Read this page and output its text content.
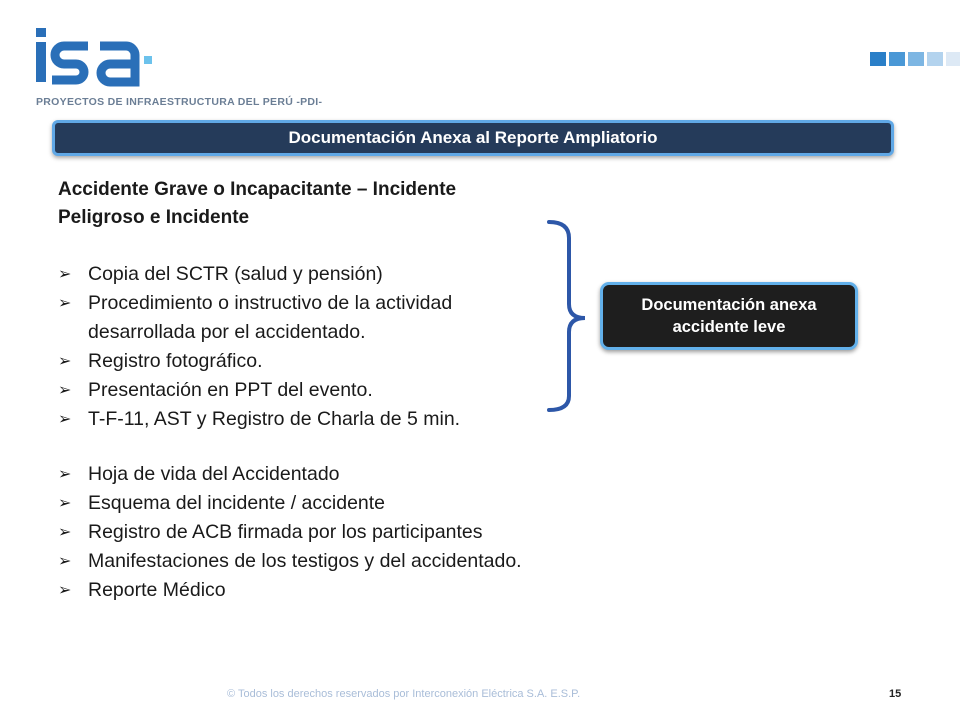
PROYECTOS DE INFRAESTRUCTURA DEL PERÚ -PDI-
Documentación Anexa al Reporte Ampliatorio
Accidente Grave o Incapacitante – Incidente
Peligroso e Incidente
➢ Copia del SCTR (salud y pensión)
➢ Procedimiento o instructivo de la actividad desarrollada por el accidentado.
➢ Registro fotográfico.
➢ Presentación en PPT del evento.
➢ T-F-11, AST y Registro de Charla de 5 min.
➢ Hoja de vida del Accidentado
➢ Esquema del incidente / accidente
➢ Registro de ACB firmada por los participantes
➢ Manifestaciones de los testigos y del accidentado.
➢ Reporte Médico
Documentación anexa
accidente leve
© Todos los derechos reservados por Interconexión Eléctrica S.A. E.S.P.	15
